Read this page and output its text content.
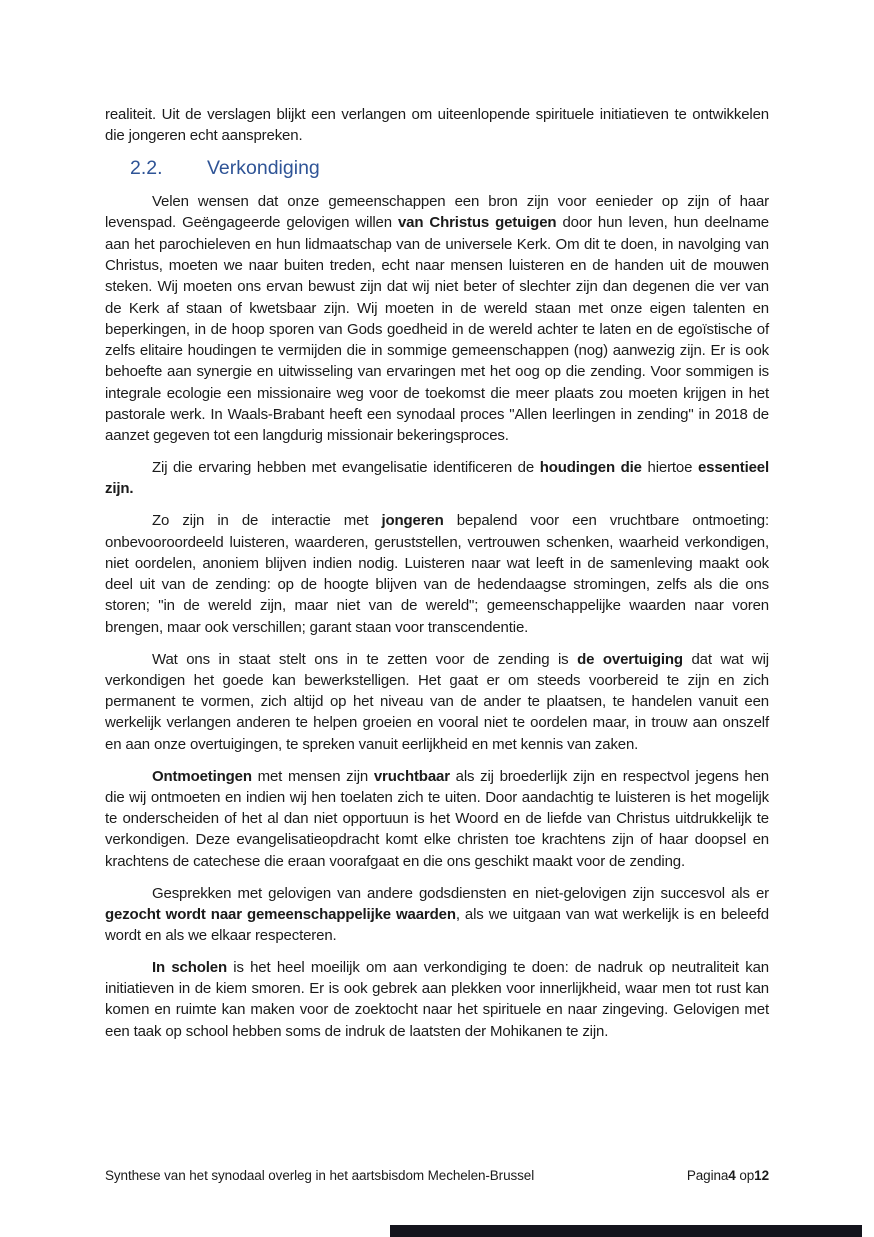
realiteit. Uit de verslagen blijkt een verlangen om uiteenlopende spirituele initiatieven te ontwikkelen die jongeren echt aanspreken.

2.2. Verkondiging

Velen wensen dat onze gemeenschappen een bron zijn voor eenieder op zijn of haar levenspad. Geëngageerde gelovigen willen van Christus getuigen door hun leven, hun deelname aan het parochieleven en hun lidmaatschap van de universele Kerk. Om dit te doen, in navolging van Christus, moeten we naar buiten treden, echt naar mensen luisteren en de handen uit de mouwen steken. Wij moeten ons ervan bewust zijn dat wij niet beter of slechter zijn dan degenen die ver van de Kerk af staan of kwetsbaar zijn. Wij moeten in de wereld staan met onze eigen talenten en beperkingen, in de hoop sporen van Gods goedheid in de wereld achter te laten en de egoïstische of zelfs elitaire houdingen te vermijden die in sommige gemeenschappen (nog) aanwezig zijn. Er is ook behoefte aan synergie en uitwisseling van ervaringen met het oog op die zending. Voor sommigen is integrale ecologie een missionaire weg voor de toekomst die meer plaats zou moeten krijgen in het pastorale werk. In Waals-Brabant heeft een synodaal proces "Allen leerlingen in zending" in 2018 de aanzet gegeven tot een langdurig missionair bekeringsproces.

Zij die ervaring hebben met evangelisatie identificeren de houdingen die hiertoe essentieel zijn.

Zo zijn in de interactie met jongeren bepalend voor een vruchtbare ontmoeting: onbevooroordeeld luisteren, waarderen, geruststellen, vertrouwen schenken, waarheid verkondigen, niet oordelen, anoniem blijven indien nodig. Luisteren naar wat leeft in de samenleving maakt ook deel uit van de zending: op de hoogte blijven van de hedendaagse stromingen, zelfs als die ons storen; "in de wereld zijn, maar niet van de wereld"; gemeenschappelijke waarden naar voren brengen, maar ook verschillen; garant staan voor transcendentie.

Wat ons in staat stelt ons in te zetten voor de zending is de overtuiging dat wat wij verkondigen het goede kan bewerkstelligen. Het gaat er om steeds voorbereid te zijn en zich permanent te vormen, zich altijd op het niveau van de ander te plaatsen, te handelen vanuit een werkelijk verlangen anderen te helpen groeien en vooral niet te oordelen maar, in trouw aan onszelf en aan onze overtuigingen, te spreken vanuit eerlijkheid en met kennis van zaken.

Ontmoetingen met mensen zijn vruchtbaar als zij broederlijk zijn en respectvol jegens hen die wij ontmoeten en indien wij hen toelaten zich te uiten. Door aandachtig te luisteren is het mogelijk te onderscheiden of het al dan niet opportuun is het Woord en de liefde van Christus uitdrukkelijk te verkondigen. Deze evangelisatieopdracht komt elke christen toe krachtens zijn of haar doopsel en krachtens de catechese die eraan voorafgaat en die ons geschikt maakt voor de zending.

Gesprekken met gelovigen van andere godsdiensten en niet-gelovigen zijn succesvol als er gezocht wordt naar gemeenschappelijke waarden, als we uitgaan van wat werkelijk is en beleefd wordt en als we elkaar respecteren.

In scholen is het heel moeilijk om aan verkondiging te doen: de nadruk op neutraliteit kan initiatieven in de kiem smoren. Er is ook gebrek aan plekken voor innerlijkheid, waar men tot rust kan komen en ruimte kan maken voor de zoektocht naar het spirituele en naar zingeving. Gelovigen met een taak op school hebben soms de indruk de laatsten der Mohikanen te zijn.

Synthese van het synodaal overleg in het aartsbisdom Mechelen-Brussel	Pagina4 op12
